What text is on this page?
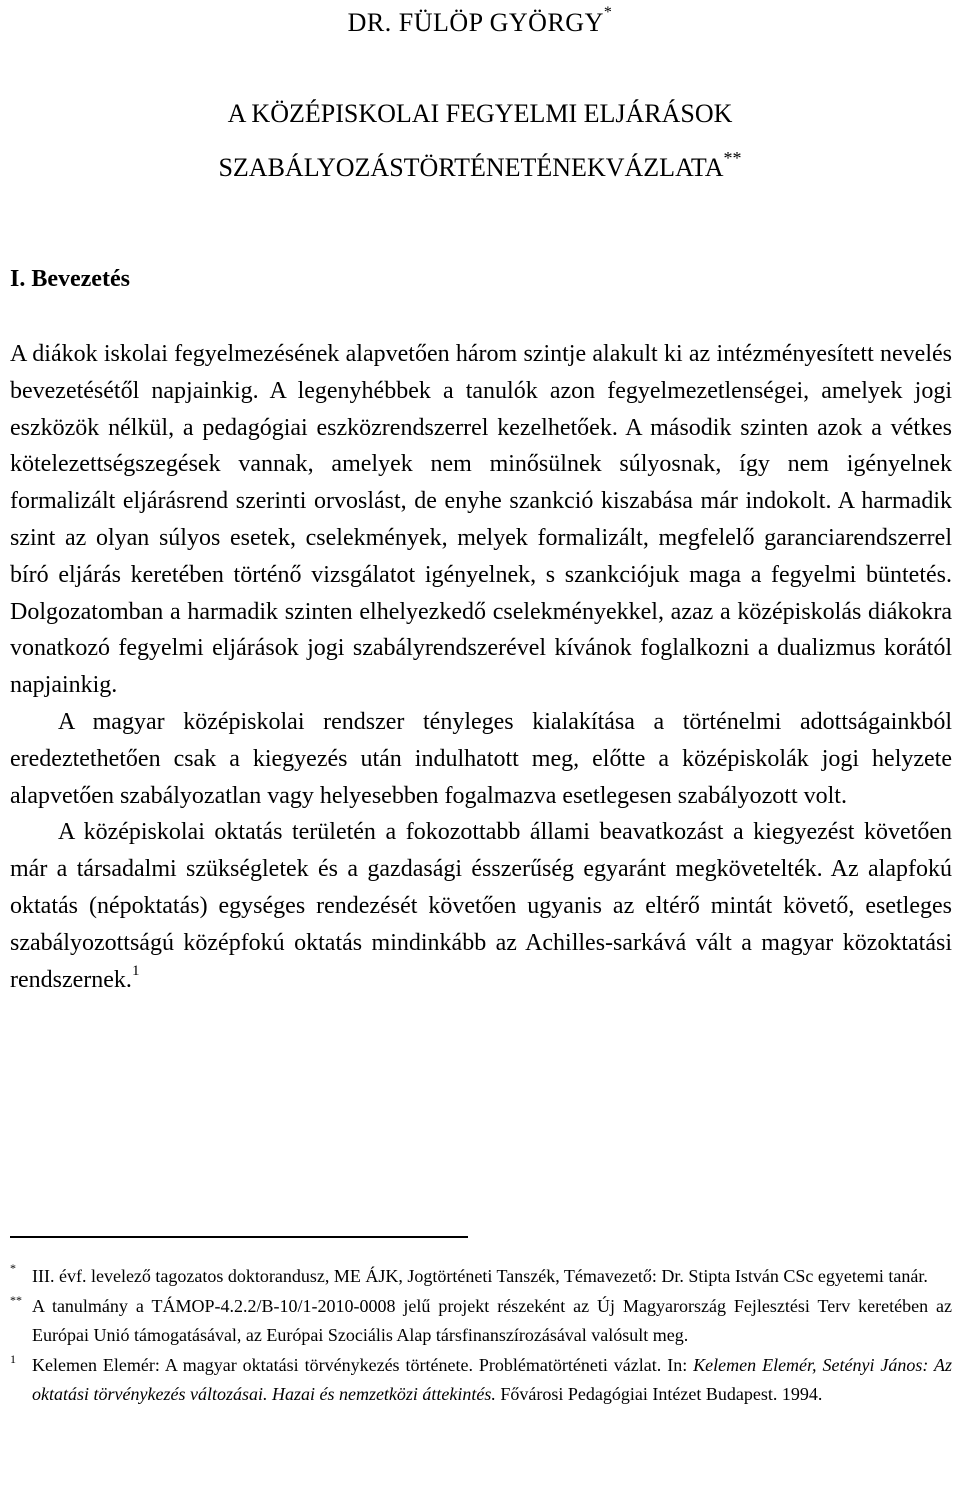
DR. FÜLÖP GYÖRGY*
A KÖZÉPISKOLAI FEGYELMI ELJÁRÁSOK
SZABÁLYOZÁSTÖRTÉNETÉNEKVÁZLATA**
I. Bevezetés

A diákok iskolai fegyelmezésének alapvetően három szintje alakult ki az intézményesített nevelés bevezetésétől napjainkig. A legenyhébbek a tanulók azon fegyelmezetlenségei, amelyek jogi eszközök nélkül, a pedagógiai eszközrendszerrel kezelhetőek. A második szinten azok a vétkes kötelezettségszegések vannak, amelyek nem minősülnek súlyosnak, így nem igényelnek formalizált eljárásrend szerinti orvoslást, de enyhe szankció kiszabása már indokolt. A harmadik szint az olyan súlyos esetek, cselekmények, melyek formalizált, megfelelő garanciarendszerrel bíró eljárás keretében történő vizsgálatot igényelnek, s szankciójuk maga a fegyelmi büntetés. Dolgozatomban a harmadik szinten elhelyezkedő cselekményekkel, azaz a középiskolás diákokra vonatkozó fegyelmi eljárások jogi szabályrendszerével kívánok foglalkozni a dualizmus korától napjainkig.

A magyar középiskolai rendszer tényleges kialakítása a történelmi adottságainkból eredeztethetően csak a kiegyezés után indulhatott meg, előtte a középiskolák jogi helyzete alapvetően szabályozatlan vagy helyesebben fogalmazva esetlegesen szabályozott volt.

A középiskolai oktatás területén a fokozottabb állami beavatkozást a kiegyezést követően már a társadalmi szükségletek és a gazdasági ésszerűség egyaránt megkövetelték. Az alapfokú oktatás (népoktatás) egységes rendezését követően ugyanis az eltérő mintát követő, esetleges szabályozottságú középfokú oktatás mindinkább az Achilles-sarkává vált a magyar közoktatási rendszernek.$^1$

* III. évf. levelező tagozatos doktorandusz, ME ÁJK, Jogtörténeti Tanszék, Témavezető: Dr. Stipta István CSc egyetemi tanár.

** A tanulmány a TÁMOP-4.2.2/B-10/1-2010-0008 jelű projekt részeként az Új Magyarország Fejlesztési Terv keretében az Európai Unió támogatásával, az Európai Szociális Alap társfinanszírozásával valósult meg.

1 Kelemen Elemér: A magyar oktatási törvénykezés története. Problématörténeti vázlat. In: Kelemen Elemér, Setényi János: Az oktatási törvénykezés változásai. Hazai és nemzetközi áttekintés. Fővárosi Pedagógiai Intézet Budapest. 1994.
